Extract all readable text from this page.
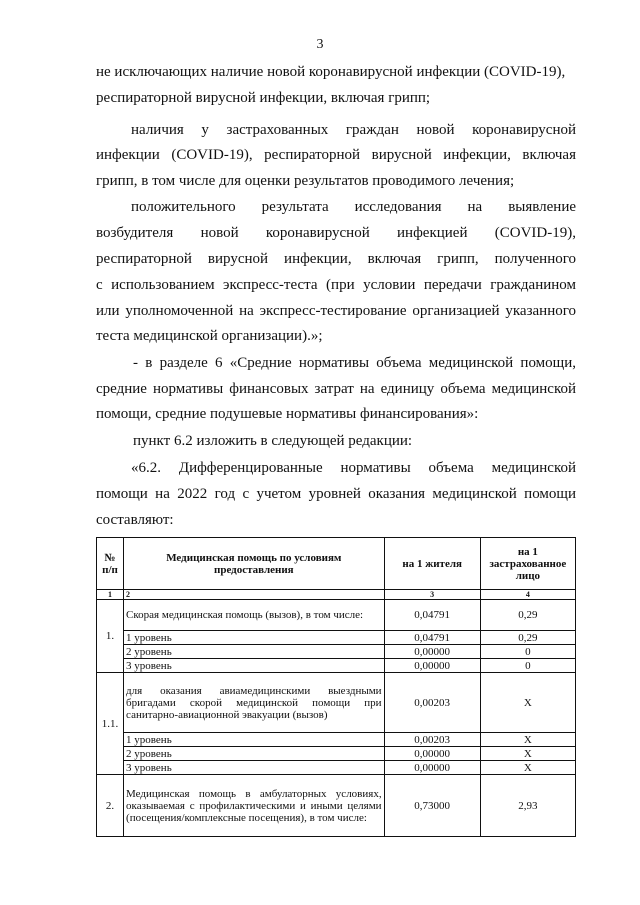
3
не исключающих наличие новой коронавирусной инфекции (COVID-19),
респираторной вирусной инфекции, включая грипп;
наличия у застрахованных граждан новой коронавирусной
инфекции (COVID-19), респираторной вирусной инфекции, включая
грипп, в том числе для оценки результатов проводимого лечения;
положительного результата исследования на выявление
возбудителя новой коронавирусной инфекцией (COVID-19),
респираторной вирусной инфекции, включая грипп, полученного
с использованием экспресс-теста (при условии передачи гражданином
или уполномоченной на экспресс-тестирование организацией указанного
теста медицинской организации).»;
- в разделе 6 «Средние нормативы объема медицинской помощи,
средние нормативы финансовых затрат на единицу объема медицинской
помощи, средние подушевые нормативы финансирования»:
пункт 6.2 изложить в следующей редакции:
«6.2. Дифференцированные нормативы объема медицинской
помощи на 2022 год с учетом уровней оказания медицинской помощи
составляют:
№ п/п	Медицинская помощь по условиям предоставления	на 1 жителя	на 1 застрахованное лицо
1	2	3	4
1.	Скорая медицинская помощь (вызов), в том числе:	0,04791	0,29
	1 уровень	0,04791	0,29
	2 уровень	0,00000	0
	3 уровень	0,00000	0
1.1.	для оказания авиамедицинскими выездными бригадами скорой медицинской помощи при санитарно-авиационной эвакуации (вызов)	0,00203	Х
	1 уровень	0,00203	Х
	2 уровень	0,00000	Х
	3 уровень	0,00000	Х
2.	Медицинская помощь в амбулаторных условиях, оказываемая с профилактическими и иными целями (посещения/комплексные посещения), в том числе:	0,73000	2,93
